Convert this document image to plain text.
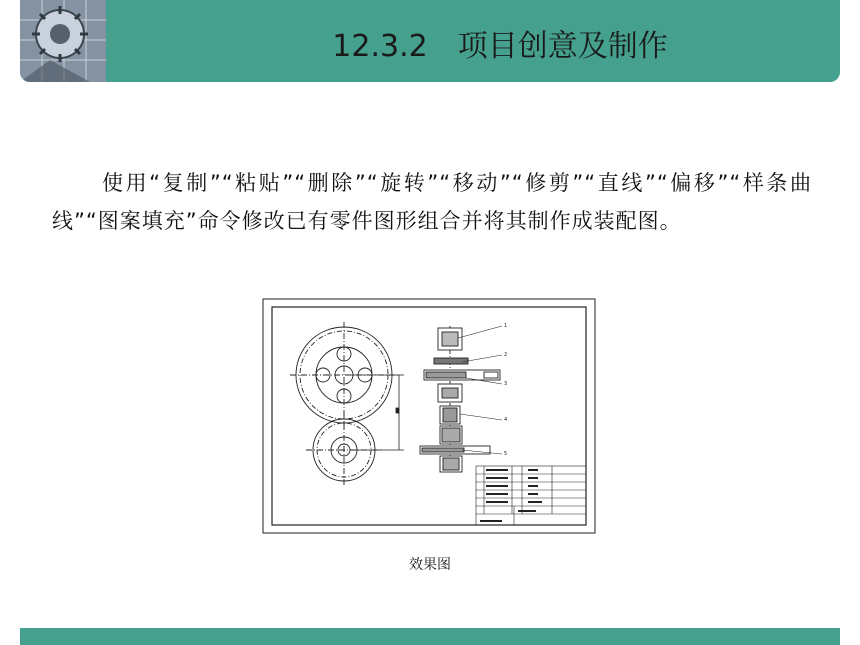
12.3.2　项目创意及制作
使用“复制”“粘贴”“删除”“旋转”“移动”“修剪”“直线”“偏移”“样条曲线”“图案填充”命令修改已有零件图形组合并将其制作成装配图。
1
2
3
4
5
效果图
